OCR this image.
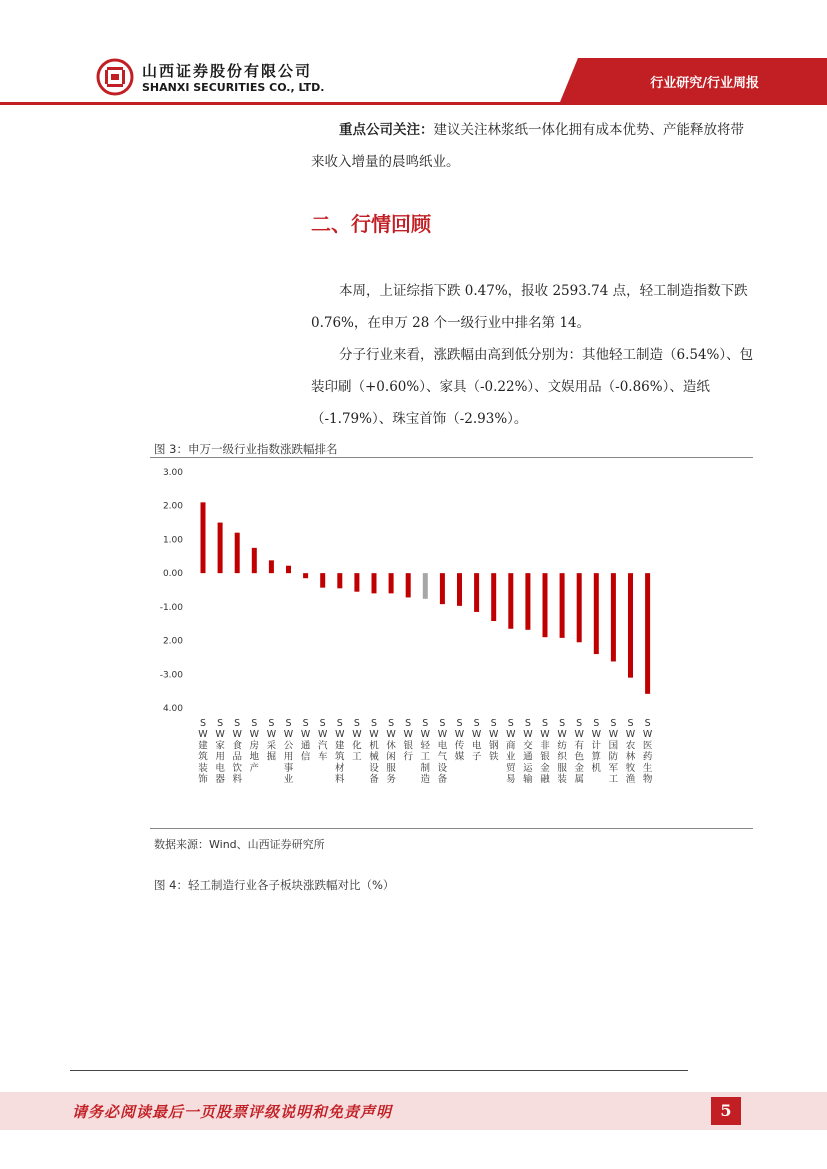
山西证券股份有限公司
SHANXI SECURITIES CO., LTD.	行业研究/行业周报
重点公司关注：建议关注林浆纸一体化拥有成本优势、产能释放将带来收入增量的晨鸣纸业。
二、行情回顾
本周，上证综指下跌 0.47%，报收 2593.74 点，轻工制造指数下跌 0.76%，在申万 28 个一级行业中排名第 14。
分子行业来看，涨跌幅由高到低分别为：其他轻工制造（6.54%）、包装印刷（+0.60%）、家具（-0.22%）、文娱用品（-0.86%）、造纸（-1.79%）、珠宝首饰（-2.93%）。
图 3：申万一级行业指数涨跌幅排名
3.00
2.00
1.00
0.00
-1.00
2.00
-3.00
4.00
S W 建筑装饰
S W 家用电器
S W 食品饮料
S W 房地产
S W 采掘
S W 公用事业
S W 通信
S W 汽车
S W 建筑材料
S W 化工
S W 机械设备
S W 休闲服务
S W 银行
S W 轻工制造
S W 电气设备
S W 传媒
S W 电子
S W 钢铁
S W 商业贸易
S W 交通运输
S W 非银金融
S W 纺织服装
S W 有色金属
S W 计算机
S W 国防军工
S W 农林牧渔
S W 医药生物
数据来源：Wind、山西证券研究所
图 4：轻工制造行业各子板块涨跌幅对比（%）
请务必阅读最后一页股票评级说明和免责声明	5
